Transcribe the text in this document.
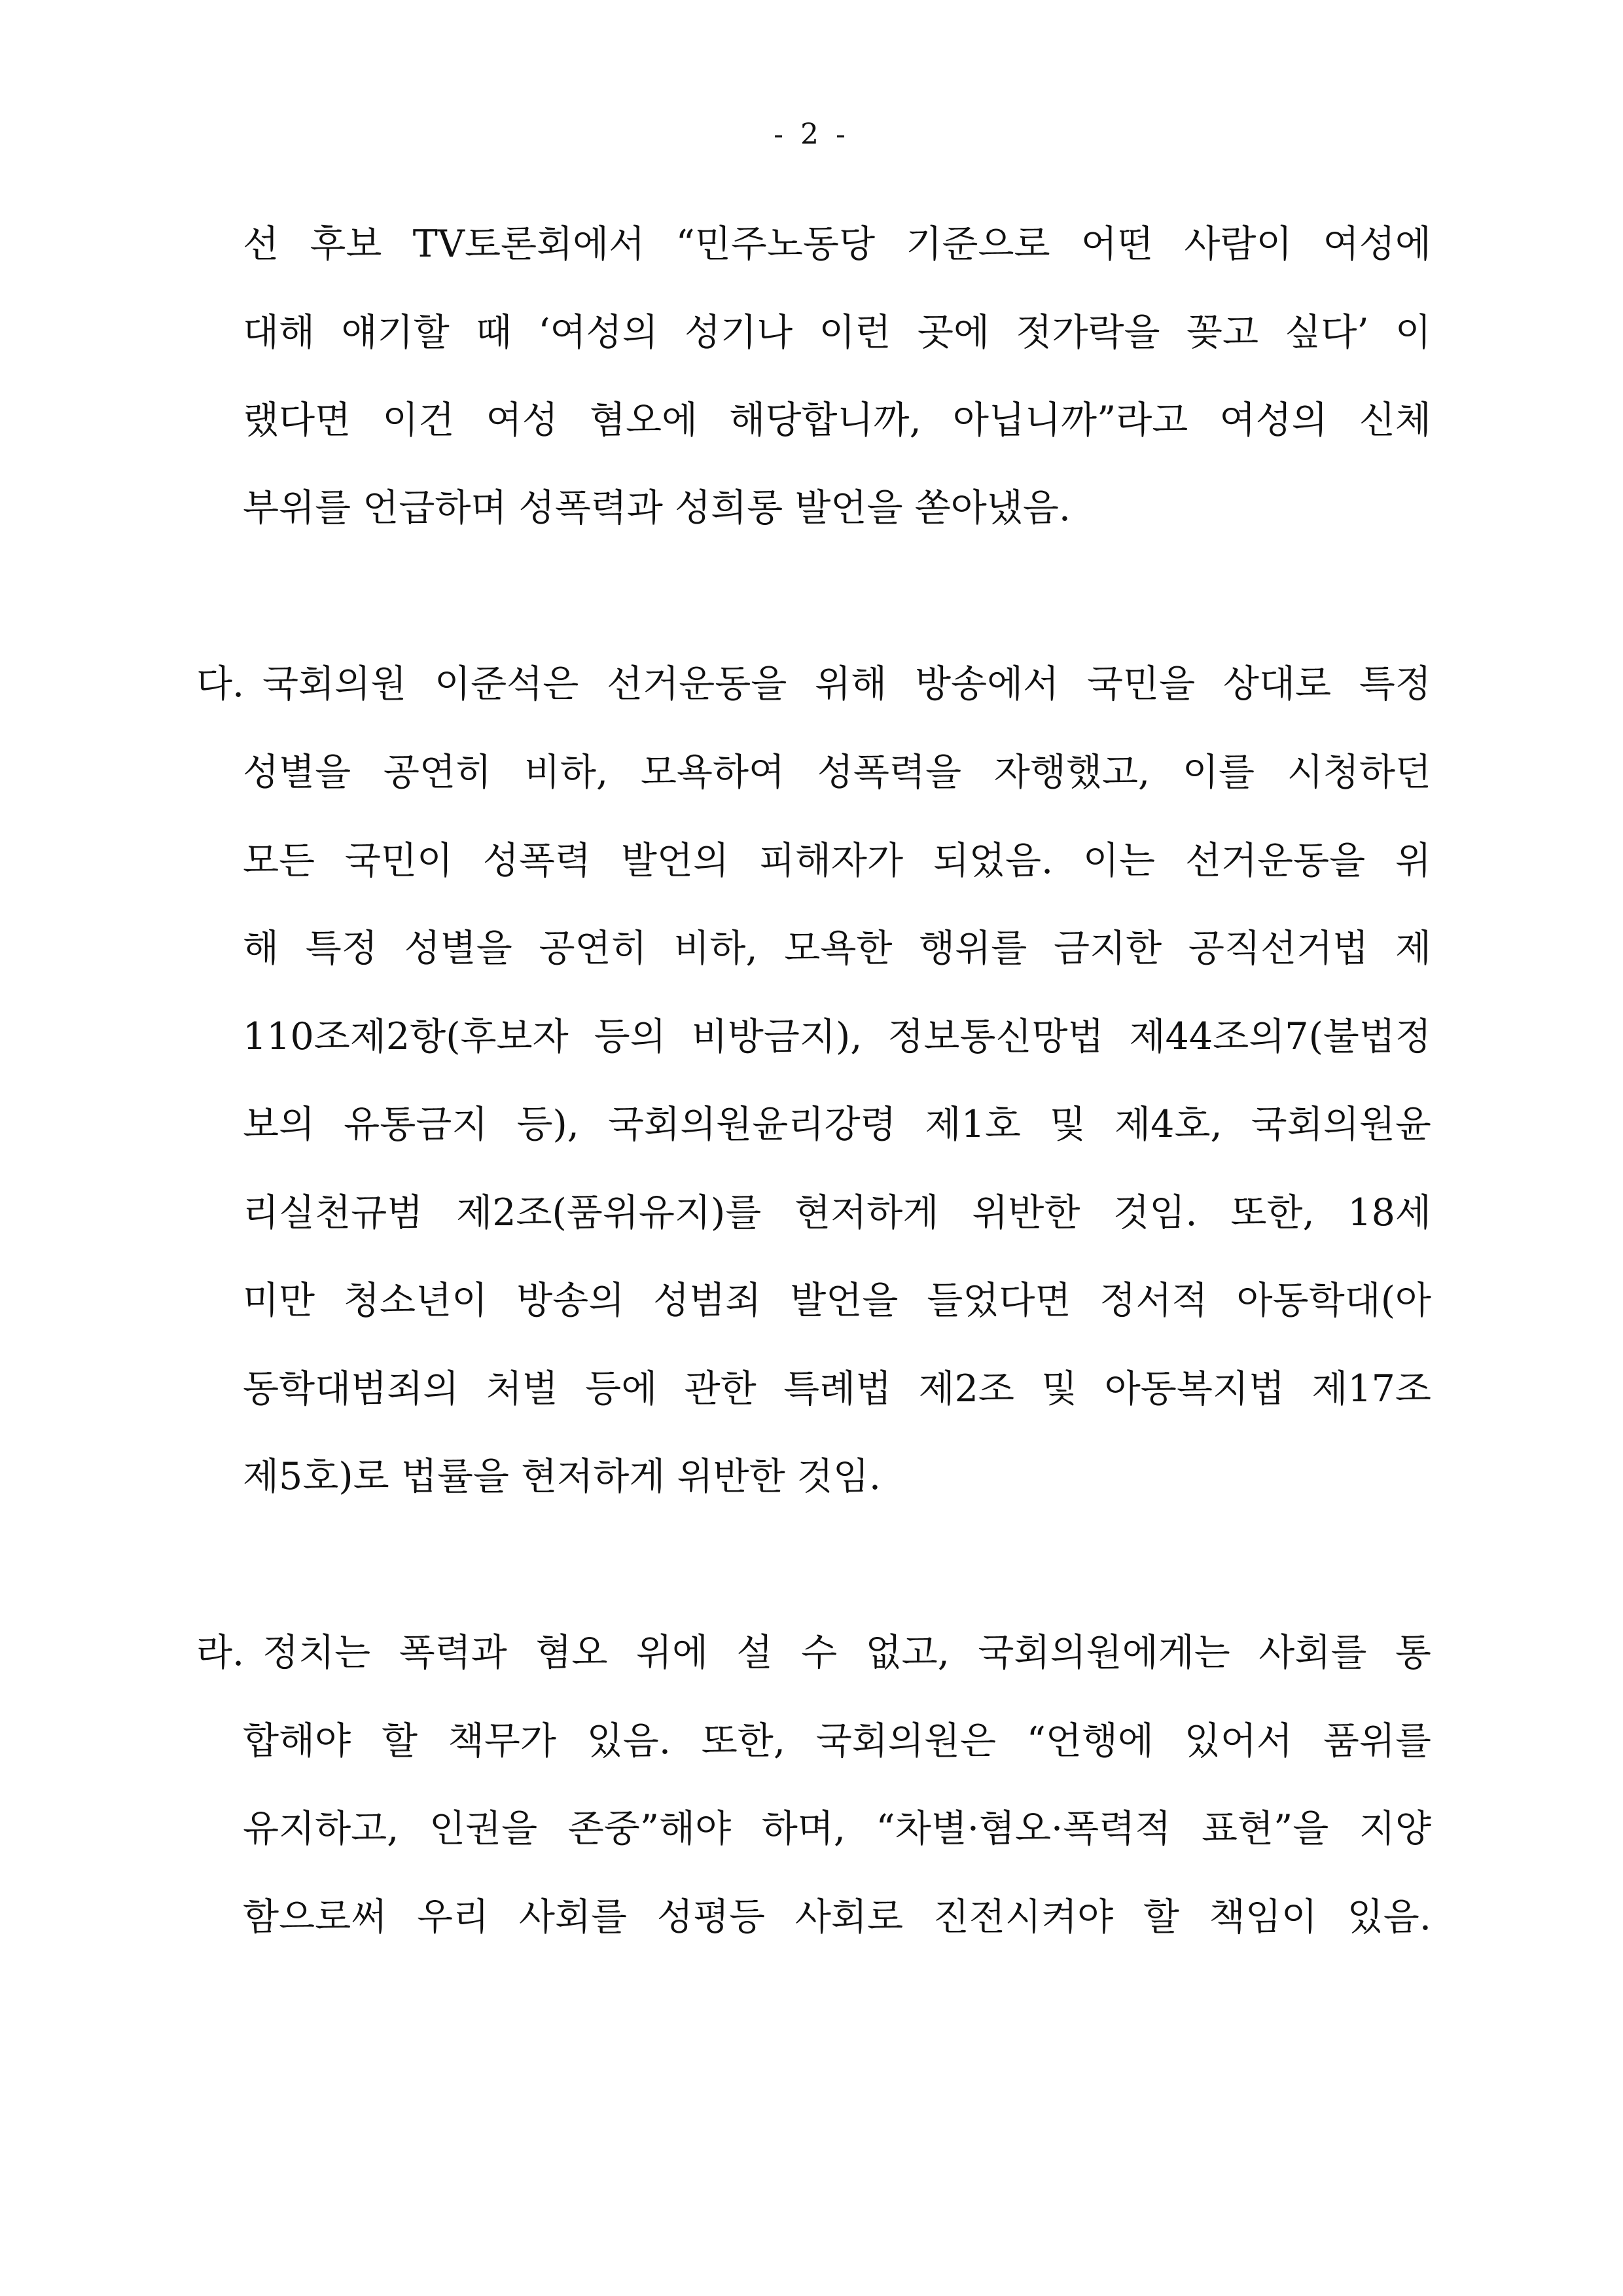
- 2 -
선 후보 TV토론회에서 “민주노동당 기준으로 어떤 사람이 여성에
대해 얘기할 때 ‘여성의 성기나 이런 곳에 젓가락을 꽂고 싶다’ 이
랬다면 이건 여성 혐오에 해당합니까, 아닙니까”라고 여성의 신체
부위를 언급하며 성폭력과 성희롱 발언을 쏟아냈음.
다. 국회의원 이준석은 선거운동을 위해 방송에서 국민을 상대로 특정
성별을 공연히 비하, 모욕하여 성폭력을 자행했고, 이를 시청하던
모든 국민이 성폭력 발언의 피해자가 되었음. 이는 선거운동을 위
해 특정 성별을 공연히 비하, 모욕한 행위를 금지한 공직선거법 제
110조제2항(후보자 등의 비방금지), 정보통신망법 제44조의7(불법정
보의 유통금지 등), 국회의원윤리강령 제1호 및 제4호, 국회의원윤
리실천규범 제2조(품위유지)를 현저하게 위반한 것임. 또한, 18세
미만 청소년이 방송의 성범죄 발언을 들었다면 정서적 아동학대(아
동학대범죄의 처벌 등에 관한 특례법 제2조 및 아동복지법 제17조
제5호)로 법률을 현저하게 위반한 것임.
라. 정치는 폭력과 혐오 위에 설 수 없고, 국회의원에게는 사회를 통
합해야 할 책무가 있음. 또한, 국회의원은 “언행에 있어서 품위를
유지하고, 인권을 존중”해야 하며, “차별·혐오·폭력적 표현”을 지양
함으로써 우리 사회를 성평등 사회로 진전시켜야 할 책임이 있음.
